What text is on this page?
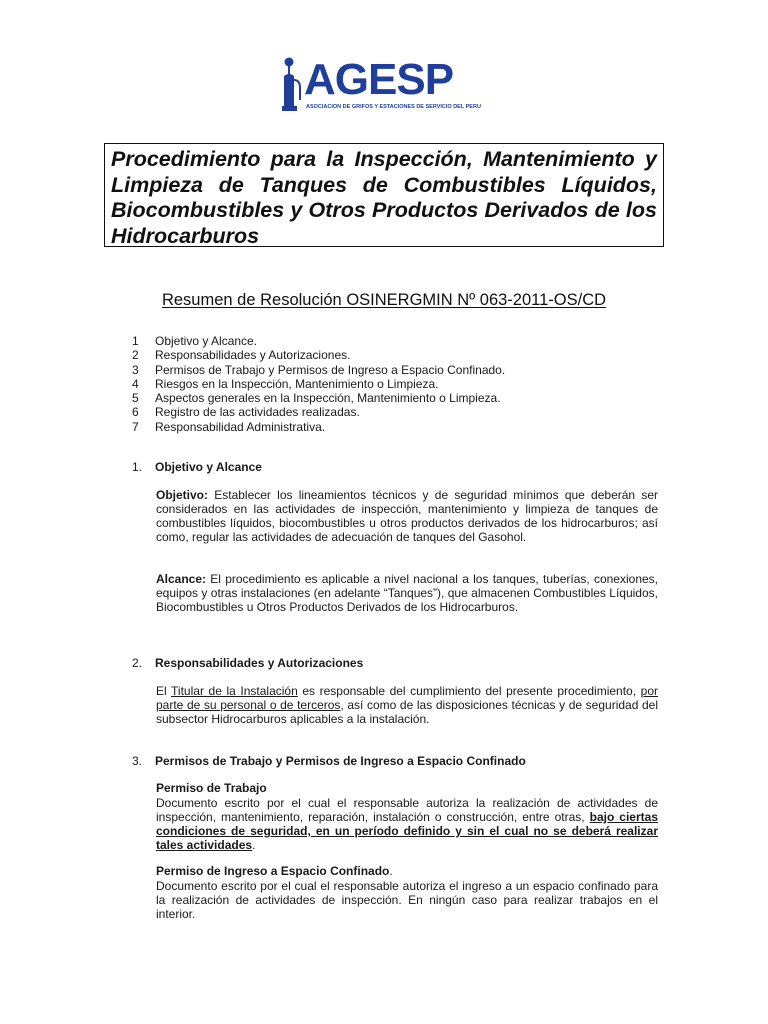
AGESP
ASOCIACION DE GRIFOS Y ESTACIONES DE SERVICIO DEL PERU
Procedimiento para la Inspección, Mantenimiento y Limpieza de Tanques de Combustibles Líquidos, Biocombustibles y Otros Productos Derivados de los Hidrocarburos
Resumen de Resolución OSINERGMIN Nº 063-2011-OS/CD
1	Objetivo y Alcance.
2	Responsabilidades y Autorizaciones.
3	Permisos de Trabajo y Permisos de Ingreso a Espacio Confinado.
4	Riesgos en la Inspección, Mantenimiento o Limpieza.
5	Aspectos generales en la Inspección, Mantenimiento o Limpieza.
6	Registro de las actividades realizadas.
7	Responsabilidad Administrativa.
1.	Objetivo y Alcance
Objetivo: Establecer los lineamientos técnicos y de seguridad mínimos que deberán ser considerados en las actividades de inspección, mantenimiento y limpieza de tanques de combustibles líquidos, biocombustibles u otros productos derivados de los hidrocarburos; así como, regular las actividades de adecuación de tanques del Gasohol.
Alcance: El procedimiento es aplicable a nivel nacional a los tanques, tuberías, conexiones, equipos y otras instalaciones (en adelante “Tanques”), que almacenen Combustibles Líquidos, Biocombustibles u Otros Productos Derivados de los Hidrocarburos.
2.	Responsabilidades y Autorizaciones
El Titular de la Instalación es responsable del cumplimiento del presente procedimiento, por parte de su personal o de terceros, así como de las disposiciones técnicas y de seguridad del subsector Hidrocarburos aplicables a la instalación.
3.	Permisos de Trabajo y Permisos de Ingreso a Espacio Confinado
Permiso de Trabajo
Documento escrito por el cual el responsable autoriza la realización de actividades de inspección, mantenimiento, reparación, instalación o construcción, entre otras, bajo ciertas condiciones de seguridad, en un período definido y sin el cual no se deberá realizar tales actividades.
Permiso de Ingreso a Espacio Confinado.
Documento escrito por el cual el responsable autoriza el ingreso a un espacio confinado para la realización de actividades de inspección. En ningún caso para realizar trabajos en el interior.
